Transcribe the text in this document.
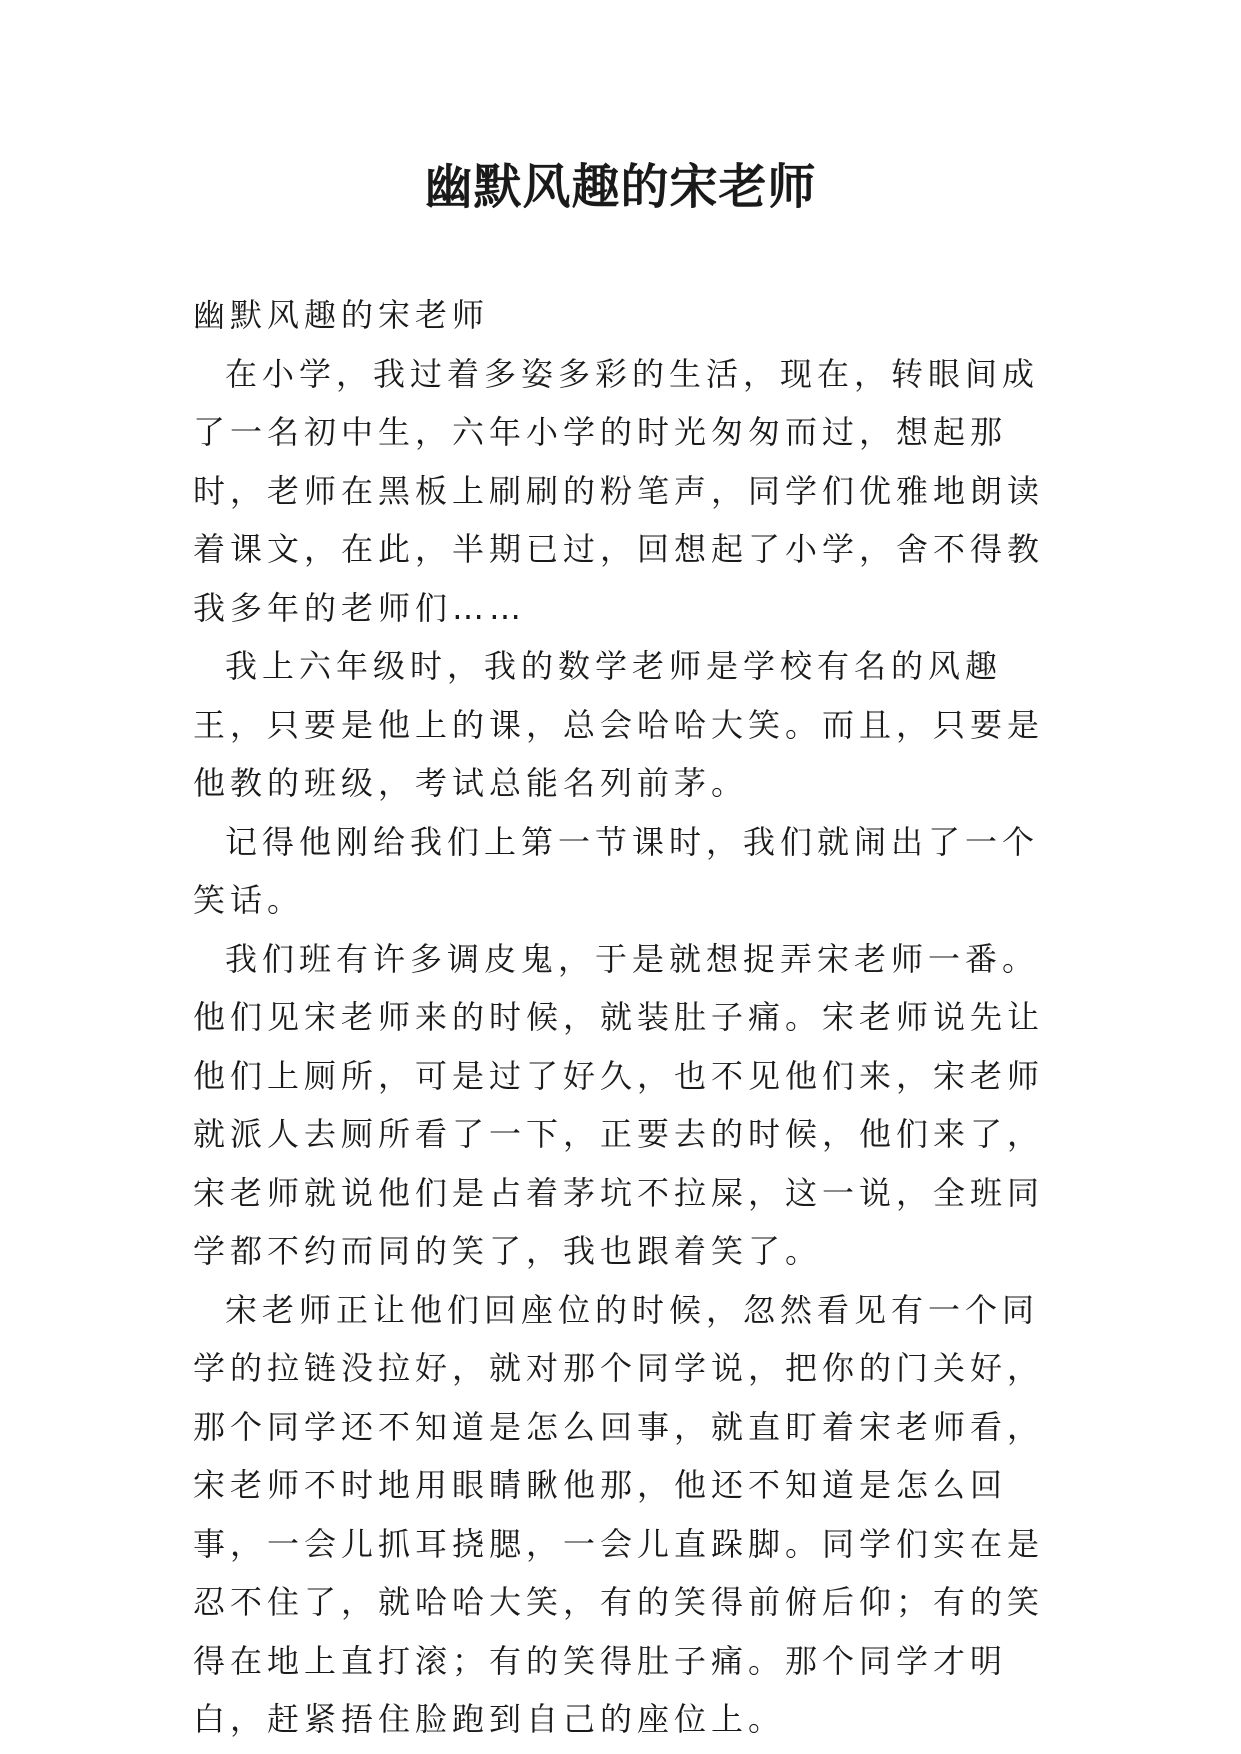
幽默风趣的宋老师

幽默风趣的宋老师

在小学，我过着多姿多彩的生活，现在，转眼间成了一名初中生，六年小学的时光匆匆而过，想起那时，老师在黑板上刷刷的粉笔声，同学们优雅地朗读着课文，在此，半期已过，回想起了小学，舍不得教我多年的老师们……

我上六年级时，我的数学老师是学校有名的风趣王，只要是他上的课，总会哈哈大笑。而且，只要是他教的班级，考试总能名列前茅。

记得他刚给我们上第一节课时，我们就闹出了一个笑话。

我们班有许多调皮鬼，于是就想捉弄宋老师一番。他们见宋老师来的时候，就装肚子痛。宋老师说先让他们上厕所，可是过了好久，也不见他们来，宋老师就派人去厕所看了一下，正要去的时候，他们来了，宋老师就说他们是占着茅坑不拉屎，这一说，全班同学都不约而同的笑了，我也跟着笑了。

宋老师正让他们回座位的时候，忽然看见有一个同学的拉链没拉好，就对那个同学说，把你的门关好，那个同学还不知道是怎么回事，就直盯着宋老师看，宋老师不时地用眼睛瞅他那，他还不知道是怎么回事，一会儿抓耳挠腮，一会儿直跺脚。同学们实在是忍不住了，就哈哈大笑，有的笑得前俯后仰；有的笑得在地上直打滚；有的笑得肚子痛。那个同学才明白，赶紧捂住脸跑到自己的座位上。
